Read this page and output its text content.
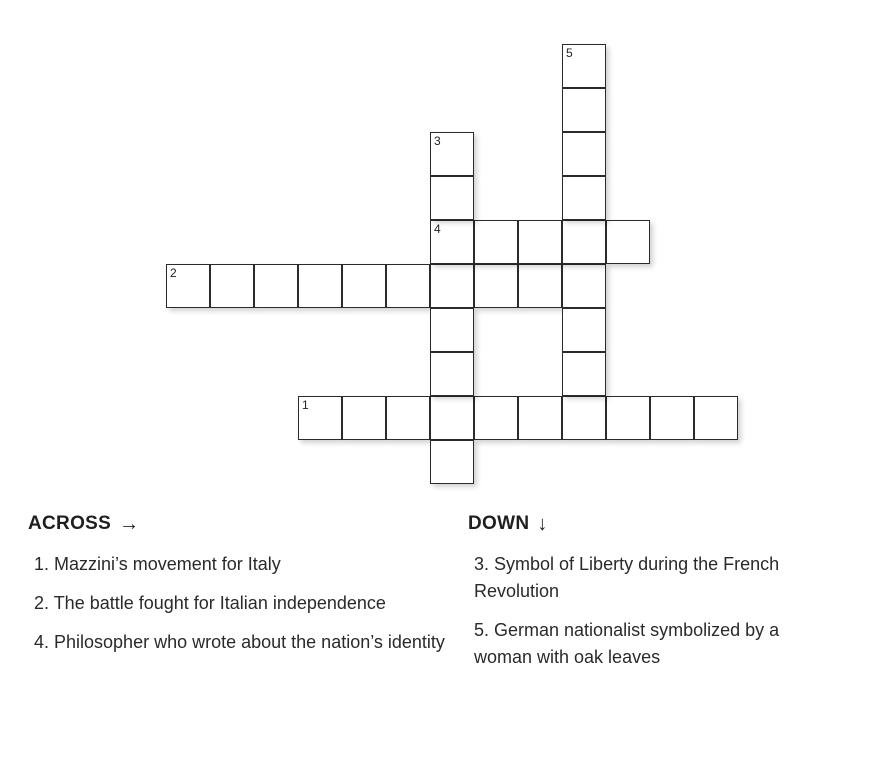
1
2
4
3
5
ACROSS →
1. Mazzini’s movement for Italy
2. The battle fought for Italian independence
4. Philosopher who wrote about the nation’s identity
DOWN ↓
3. Symbol of Liberty during the French Revolution
5. German nationalist symbolized by a woman with oak leaves
